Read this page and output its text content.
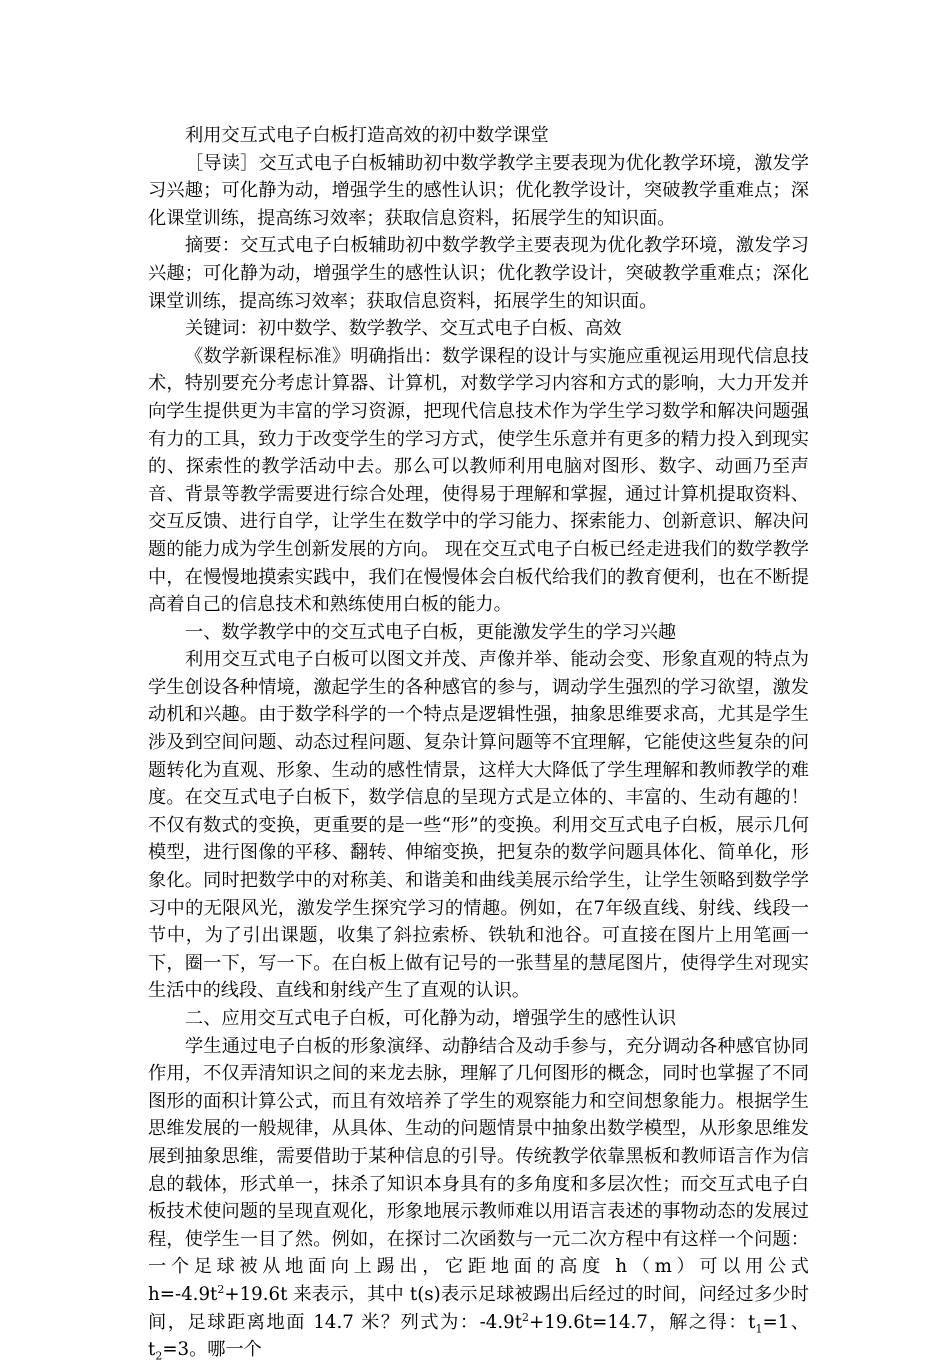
利用交互式电子白板打造高效的初中数学课堂

［导读］交互式电子白板辅助初中数学教学主要表现为优化教学环境，激发学习兴趣；可化静为动，增强学生的感性认识；优化教学设计，突破教学重难点；深化课堂训练，提高练习效率；获取信息资料，拓展学生的知识面。

摘要：交互式电子白板辅助初中数学教学主要表现为优化教学环境，激发学习兴趣；可化静为动，增强学生的感性认识；优化教学设计，突破教学重难点；深化课堂训练，提高练习效率；获取信息资料，拓展学生的知识面。

关键词：初中数学、数学教学、交互式电子白板、高效

《数学新课程标准》明确指出：数学课程的设计与实施应重视运用现代信息技术，特别要充分考虑计算器、计算机，对数学学习内容和方式的影响，大力开发并向学生提供更为丰富的学习资源，把现代信息技术作为学生学习数学和解决问题强有力的工具，致力于改变学生的学习方式，使学生乐意并有更多的精力投入到现实的、探索性的教学活动中去。那么可以教师利用电脑对图形、数字、动画乃至声音、背景等教学需要进行综合处理，使得易于理解和掌握，通过计算机提取资料、交互反馈、进行自学，让学生在数学中的学习能力、探索能力、创新意识、解决问题的能力成为学生创新发展的方向。 现在交互式电子白板已经走进我们的数学教学中，在慢慢地摸索实践中，我们在慢慢体会白板代给我们的教育便利，也在不断提高着自己的信息技术和熟练使用白板的能力。

一、数学教学中的交互式电子白板，更能激发学生的学习兴趣

利用交互式电子白板可以图文并茂、声像并举、能动会变、形象直观的特点为学生创设各种情境，激起学生的各种感官的参与，调动学生强烈的学习欲望，激发动机和兴趣。由于数学科学的一个特点是逻辑性强，抽象思维要求高，尤其是学生涉及到空间问题、动态过程问题、复杂计算问题等不宜理解，它能使这些复杂的问题转化为直观、形象、生动的感性情景，这样大大降低了学生理解和教师教学的难度。在交互式电子白板下，数学信息的呈现方式是立体的、丰富的、生动有趣的！不仅有数式的变换，更重要的是一些“形”的变换。利用交互式电子白板，展示几何模型，进行图像的平移、翻转、伸缩变换，把复杂的数学问题具体化、简单化，形象化。同时把数学中的对称美、和谐美和曲线美展示给学生，让学生领略到数学学习中的无限风光，激发学生探究学习的情趣。例如，在7年级直线、射线、线段一节中，为了引出课题，收集了斜拉索桥、铁轨和池谷。可直接在图片上用笔画一下，圈一下，写一下。在白板上做有记号的一张彗星的慧尾图片，使得学生对现实生活中的线段、直线和射线产生了直观的认识。

二、应用交互式电子白板，可化静为动，增强学生的感性认识

学生通过电子白板的形象演绎、动静结合及动手参与，充分调动各种感官协同作用，不仅弄清知识之间的来龙去脉，理解了几何图形的概念，同时也掌握了不同图形的面积计算公式，而且有效培养了学生的观察能力和空间想象能力。根据学生思维发展的一般规律，从具体、生动的问题情景中抽象出数学模型，从形象思维发展到抽象思维，需要借助于某种信息的引导。传统教学依靠黑板和教师语言作为信息的载体，形式单一，抹杀了知识本身具有的多角度和多层次性；而交互式电子白板技术使问题的呈现直观化，形象地展示教师难以用语言表述的事物动态的发展过程，使学生一目了然。例如，在探讨二次函数与一元二次方程中有这样一个问题：一个足球被从地面向上踢出，它距地面的高度 h（m）可以用公式 $h=-4.9t^2+19.6t$ 来表示，其中 t(s)表示足球被踢出后经过的时间，问经过多少时间，足球距离地面 14.7 米？列式为：$-4.9t^2+19.6t=14.7$，解之得：$t_1=1$、$t_2=3$。哪一个
